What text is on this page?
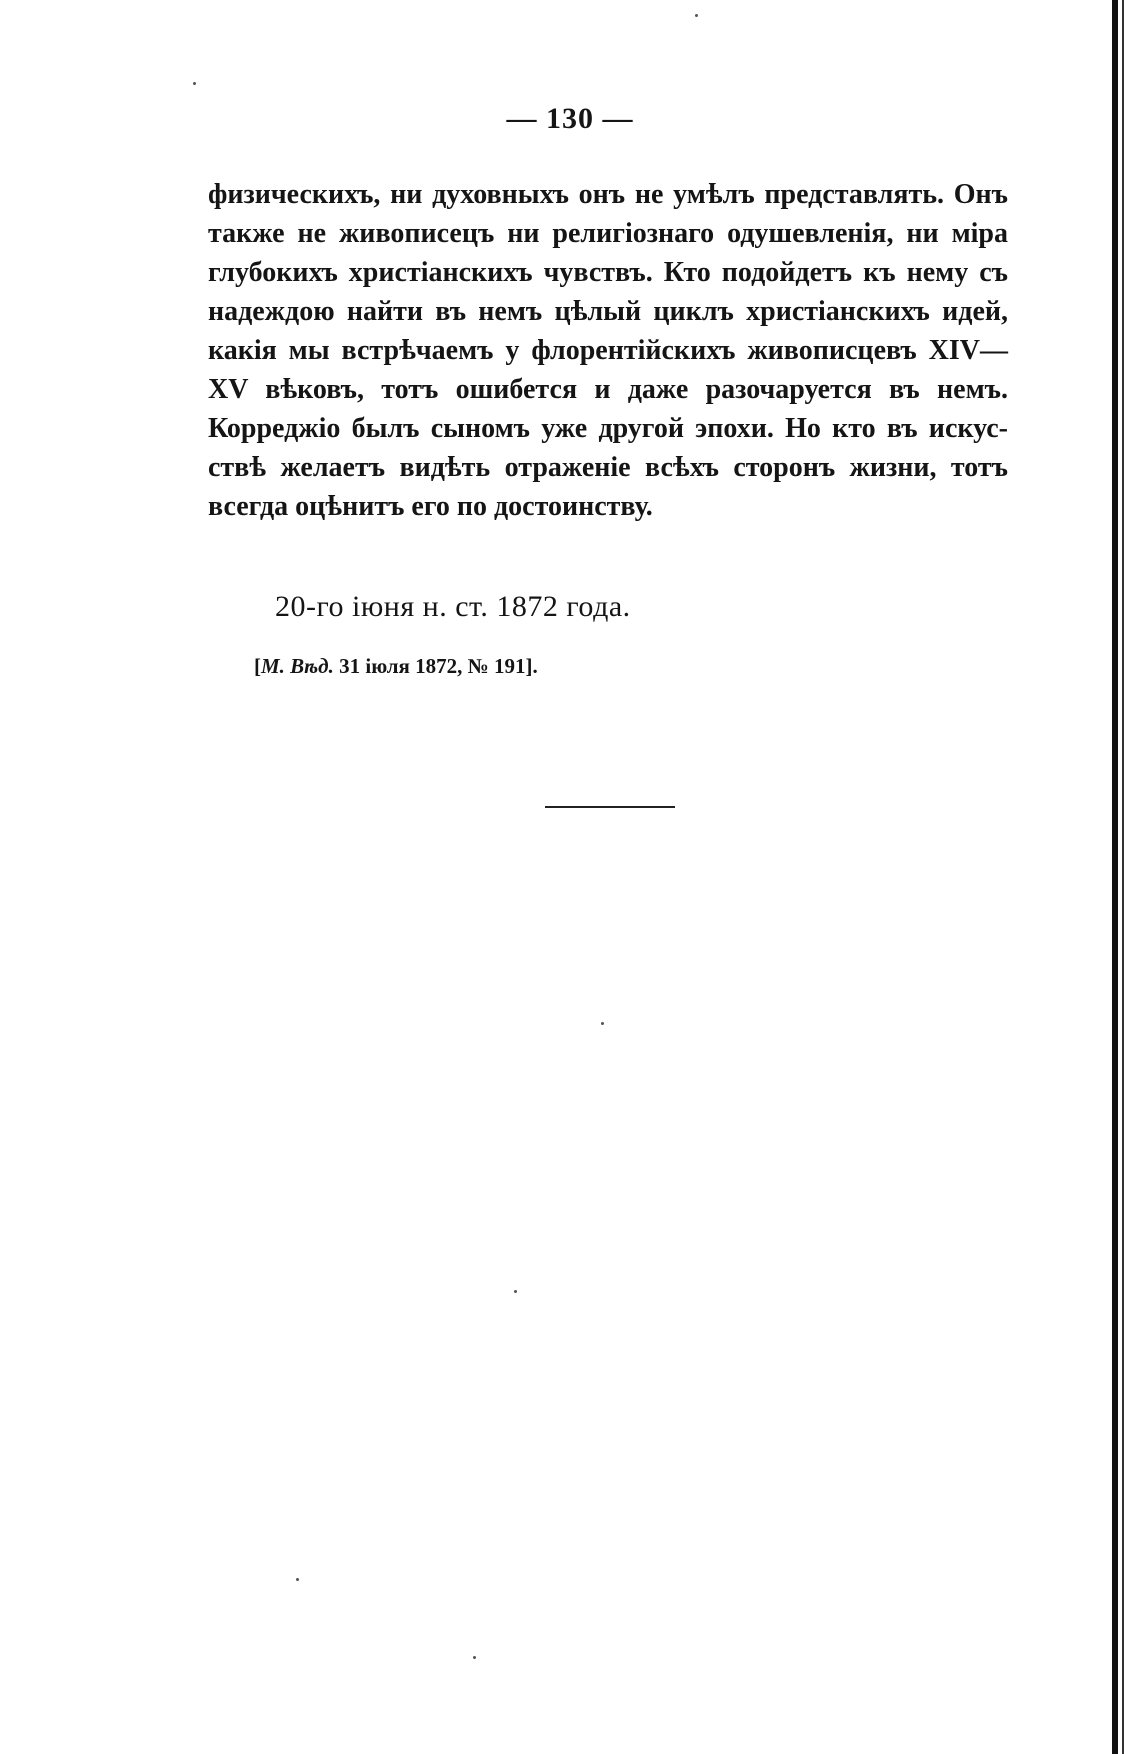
— 130 —
физическихъ, ни духовныхъ онъ не умѣлъ представлять. Онъ
также не живописецъ ни религіознаго одушевленія, ни міра
глубокихъ христіанскихъ чувствъ. Кто подойдетъ къ нему съ
надеждою найти въ немъ цѣлый циклъ христіанскихъ идей,
какія мы встрѣчаемъ у флорентійскихъ живописцевъ XIV—
XV вѣковъ, тотъ ошибется и даже разочаруется въ немъ.
Корреджіо былъ сыномъ уже другой эпохи. Но кто въ искус-
ствѣ желаетъ видѣть отраженіе всѣхъ сторонъ жизни, тотъ
всегда оцѣнитъ его по достоинству.
20-го іюня н. ст. 1872 года.
[М. Вѣд. 31 іюля 1872, № 191].
